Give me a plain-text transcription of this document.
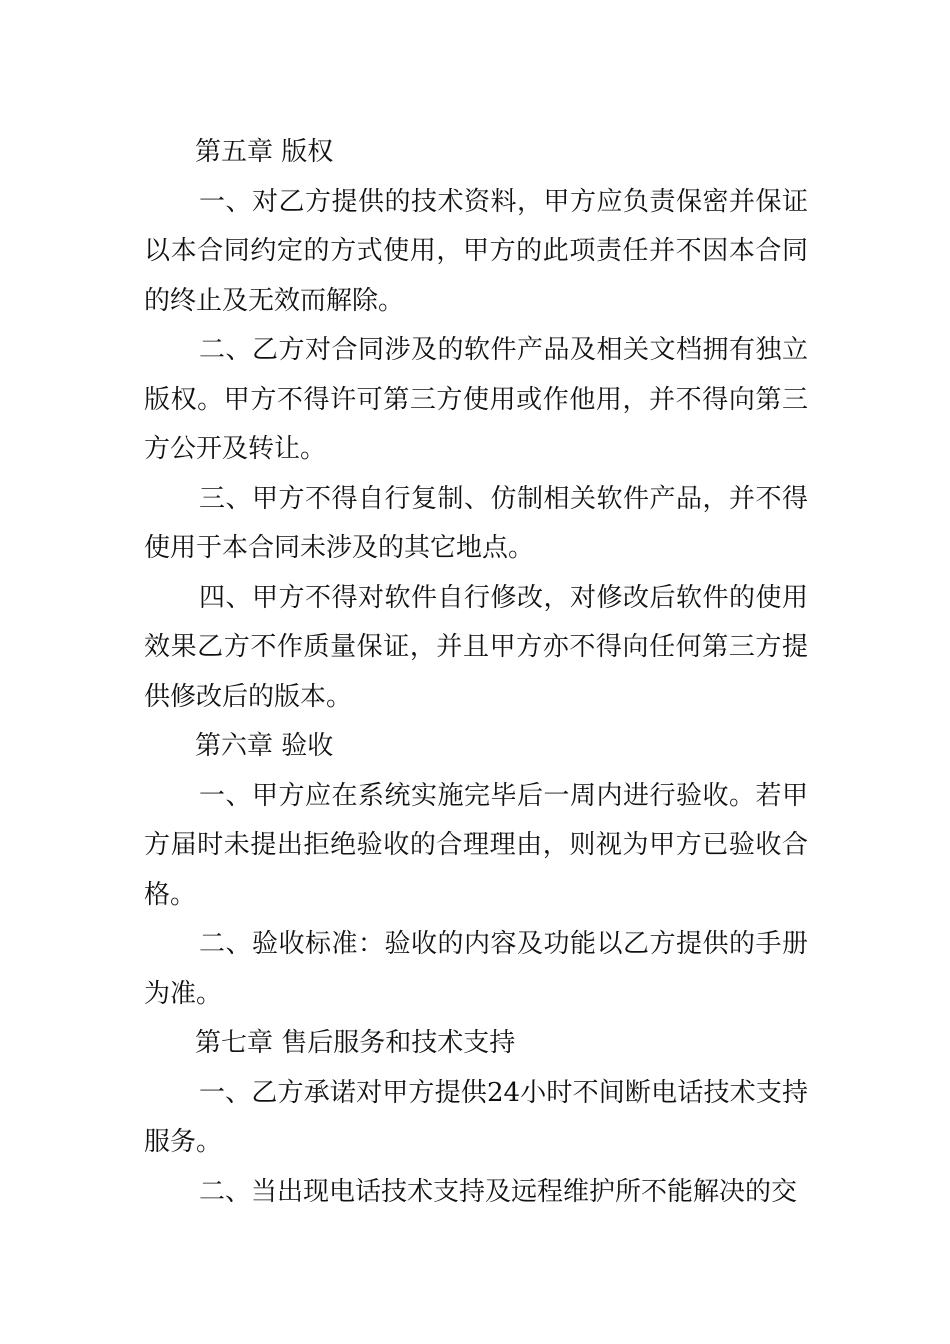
第五章 版权

一、对乙方提供的技术资料，甲方应负责保密并保证以本合同约定的方式使用，甲方的此项责任并不因本合同的终止及无效而解除。

二、乙方对合同涉及的软件产品及相关文档拥有独立版权。甲方不得许可第三方使用或作他用，并不得向第三方公开及转让。

三、甲方不得自行复制、仿制相关软件产品，并不得使用于本合同未涉及的其它地点。

四、甲方不得对软件自行修改，对修改后软件的使用效果乙方不作质量保证，并且甲方亦不得向任何第三方提供修改后的版本。

第六章 验收

一、甲方应在系统实施完毕后一周内进行验收。若甲方届时未提出拒绝验收的合理理由，则视为甲方已验收合格。

二、验收标准：验收的内容及功能以乙方提供的手册为准。

第七章 售后服务和技术支持

一、乙方承诺对甲方提供24小时不间断电话技术支持服务。

二、当出现电话技术支持及远程维护所不能解决的交
